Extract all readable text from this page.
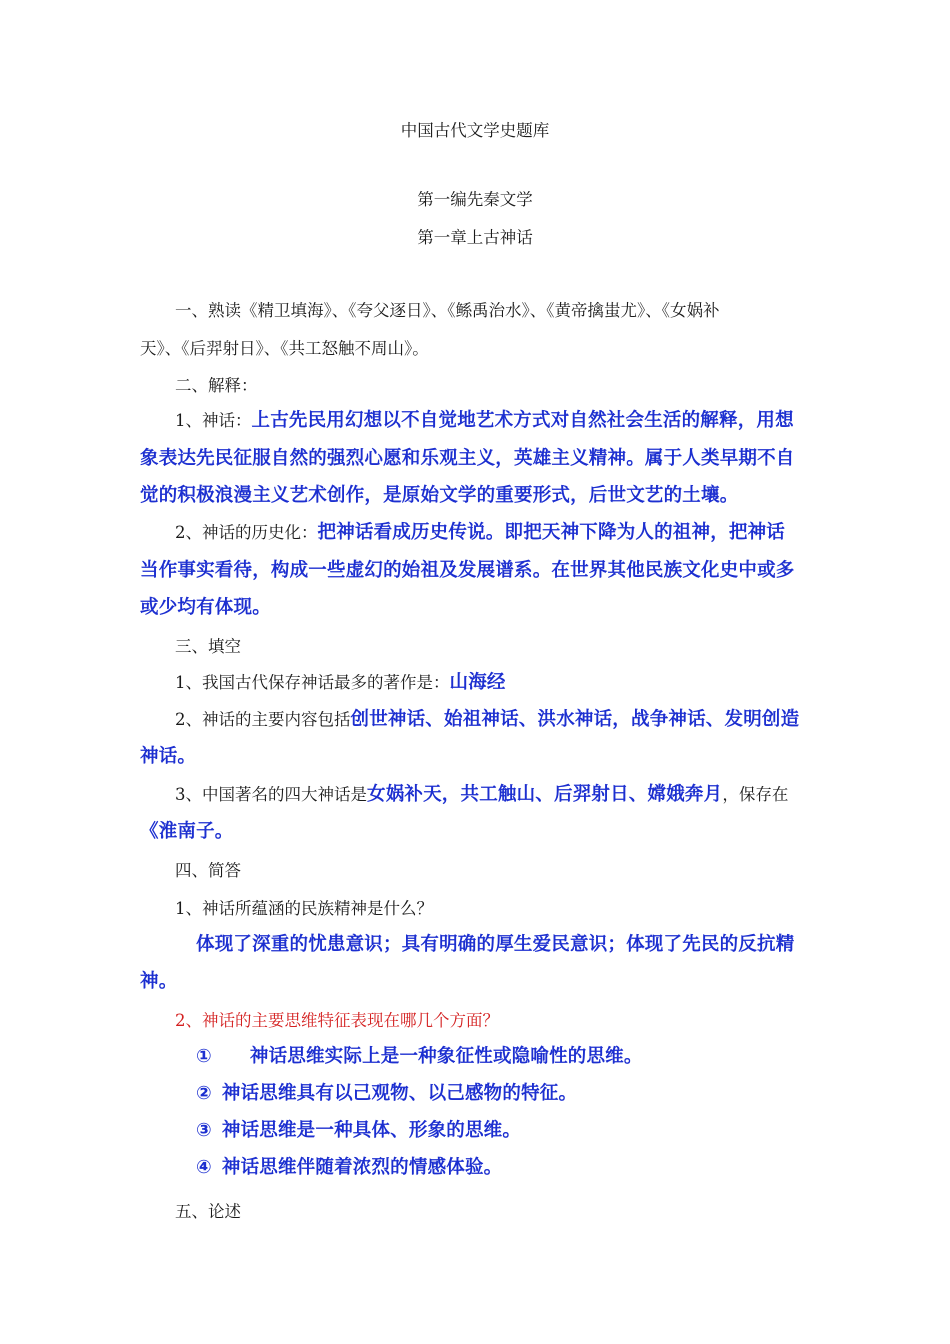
中国古代文学史题库
第一编先秦文学
第一章上古神话
一、熟读《精卫填海》、《夸父逐日》、《鲧禹治水》、《黄帝擒蚩尤》、《女娲补
天》、《后羿射日》、《共工怒触不周山》。
二、解释：
1、神话：上古先民用幻想以不自觉地艺术方式对自然社会生活的解释，用想
象表达先民征服自然的强烈心愿和乐观主义，英雄主义精神。属于人类早期不自
觉的积极浪漫主义艺术创作，是原始文学的重要形式，后世文艺的土壤。
2、神话的历史化：把神话看成历史传说。即把天神下降为人的祖神，把神话
当作事实看待，构成一些虚幻的始祖及发展谱系。在世界其他民族文化史中或多
或少均有体现。
三、填空
1、我国古代保存神话最多的著作是：山海经
2、神话的主要内容包括创世神话、始祖神话、洪水神话，战争神话、发明创造
神话。
3、中国著名的四大神话是女娲补天，共工触山、后羿射日、嫦娥奔月，保存在
《淮南子。
四、简答
1、神话所蕴涵的民族精神是什么？
体现了深重的忧患意识；具有明确的厚生爱民意识；体现了先民的反抗精
神。
2、神话的主要思维特征表现在哪几个方面？
① 神话思维实际上是一种象征性或隐喻性的思维。
② 神话思维具有以己观物、以己感物的特征。
③ 神话思维是一种具体、形象的思维。
④ 神话思维伴随着浓烈的情感体验。
五、论述
